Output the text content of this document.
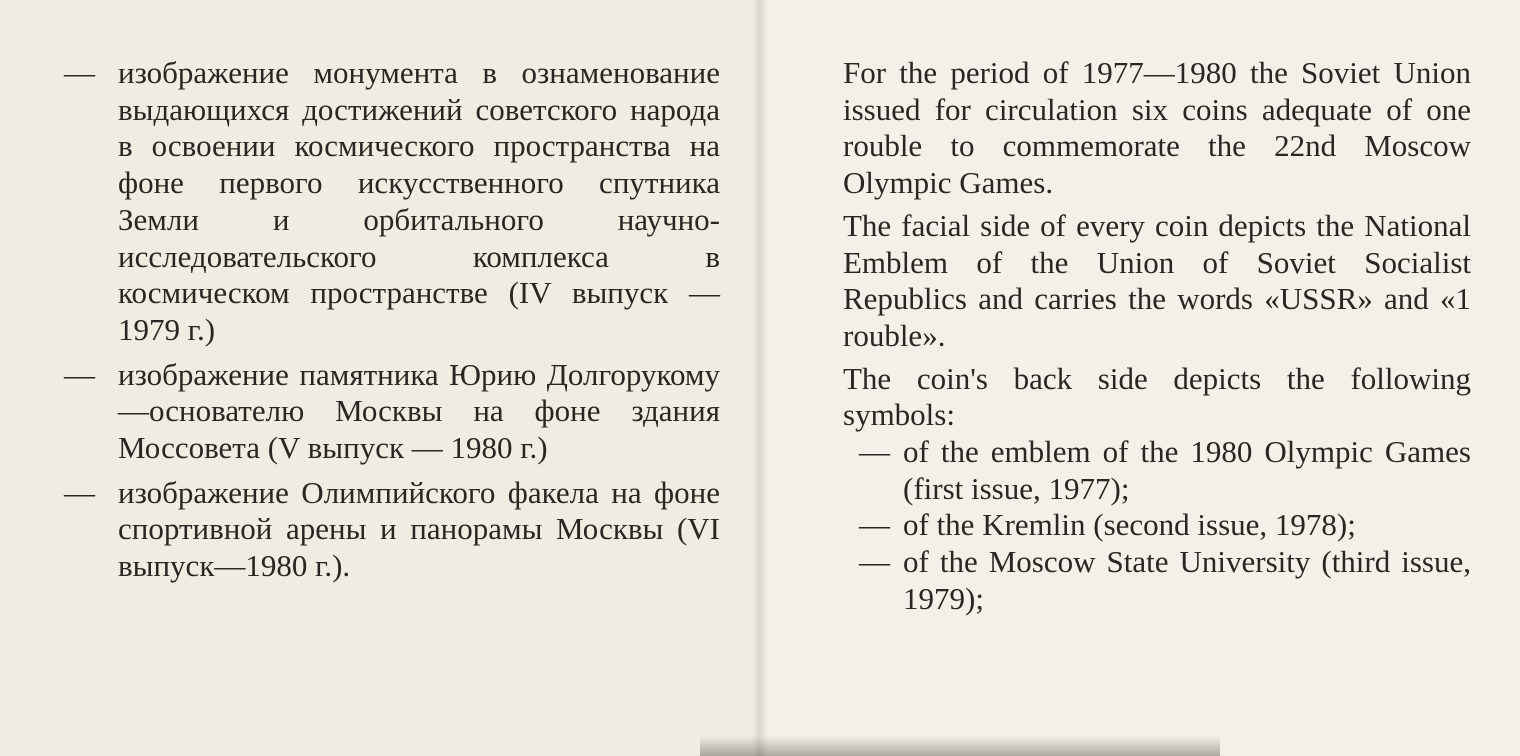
— изображение монумента в ознаменование выдающихся достижений советского народа в освоении космического пространства на фоне первого искусственного спутника Земли и орбитального научно-исследовательского комплекса в космическом пространстве (IV выпуск — 1979 г.)
— изображение памятника Юрию Долгорукому—основателю Москвы на фоне здания Моссовета (V выпуск — 1980 г.)
— изображение Олимпийского факела на фоне спортивной арены и панорамы Москвы (VI выпуск—1980 г.).

For the period of 1977—1980 the Soviet Union issued for circulation six coins adequate of one rouble to commemorate the 22nd Moscow Olympic Games.

The facial side of every coin depicts the National Emblem of the Union of Soviet Socialist Republics and carries the words «USSR» and «1 rouble».

The coin's back side depicts the following symbols:

— of the emblem of the 1980 Olympic Games (first issue, 1977);
— of the Kremlin (second issue, 1978);
— of the Moscow State University (third issue, 1979);
